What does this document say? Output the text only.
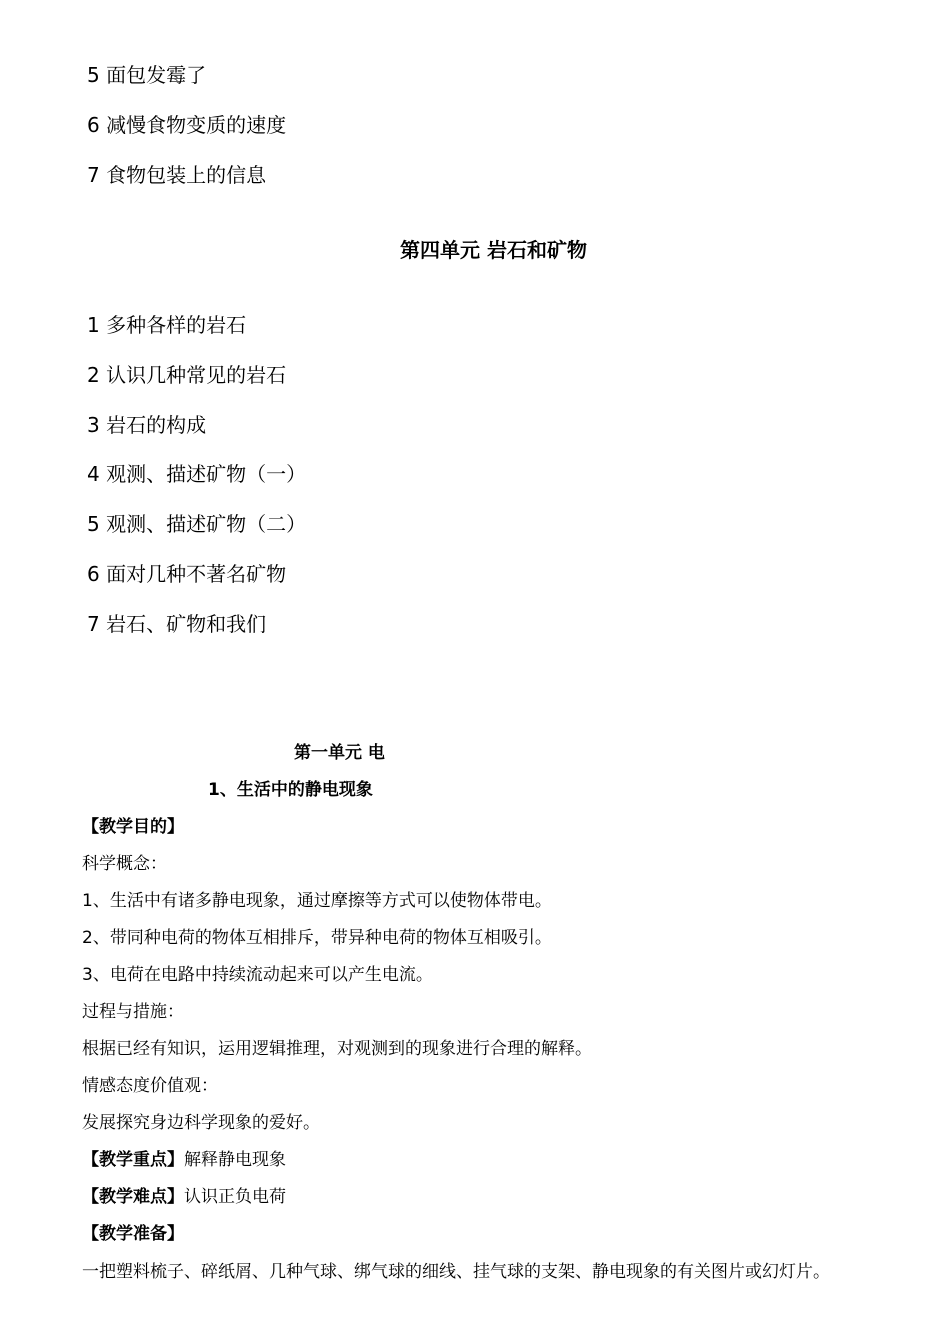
5 面包发霉了
6 减慢食物变质的速度
7 食物包装上的信息
第四单元 岩石和矿物
1 多种各样的岩石
2 认识几种常见的岩石
3 岩石的构成
4 观测、描述矿物（一）
5 观测、描述矿物（二）
6 面对几种不著名矿物
7 岩石、矿物和我们
第一单元 电
1、生活中的静电现象
【教学目的】
科学概念：
1、生活中有诸多静电现象，通过摩擦等方式可以使物体带电。
2、带同种电荷的物体互相排斥，带异种电荷的物体互相吸引。
3、电荷在电路中持续流动起来可以产生电流。
过程与措施：
根据已经有知识，运用逻辑推理，对观测到的现象进行合理的解释。
情感态度价值观：
发展探究身边科学现象的爱好。
【教学重点】解释静电现象
【教学难点】认识正负电荷
【教学准备】
一把塑料梳子、碎纸屑、几种气球、绑气球的细线、挂气球的支架、静电现象的有关图片或幻灯片。
